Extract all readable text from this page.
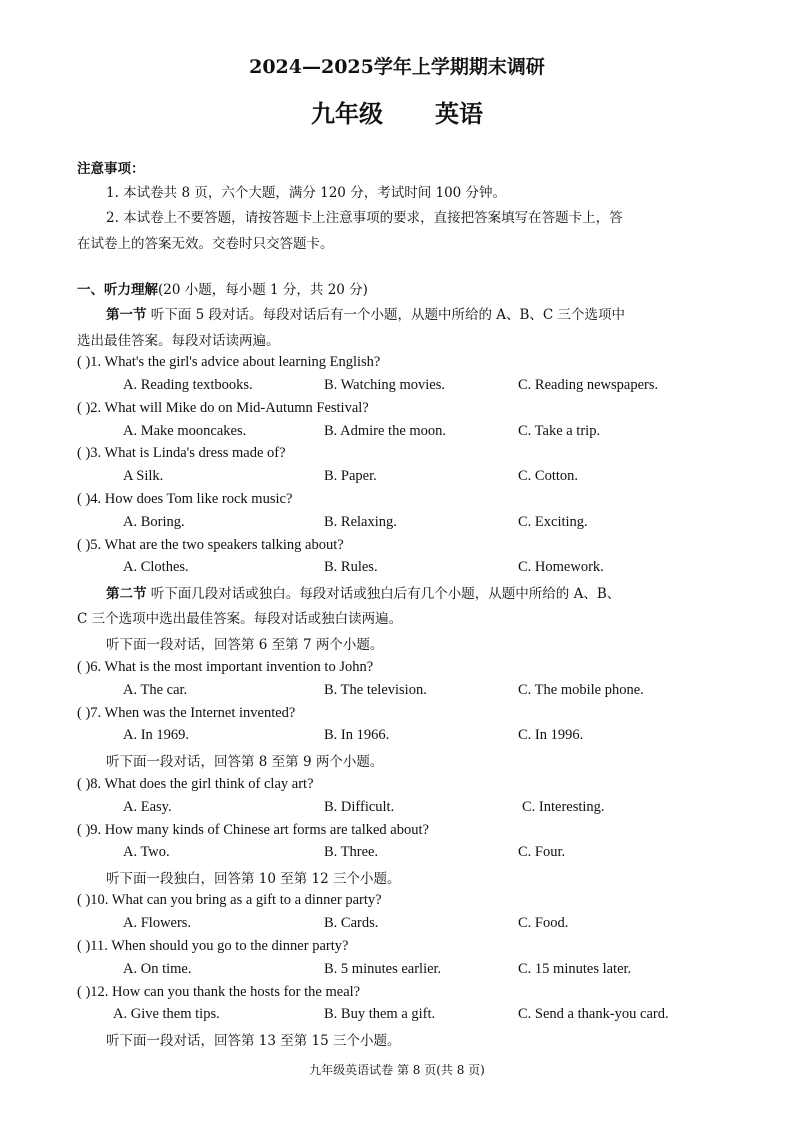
2024—2025学年上学期期末调研
九年级 英语
注意事项：
1. 本试卷共 8 页，六个大题，满分 120 分，考试时间 100 分钟。
2. 本试卷上不要答题，请按答题卡上注意事项的要求，直接把答案填写在答题卡上，答
在试卷上的答案无效。交卷时只交答题卡。
一、听力理解(20 小题，每小题 1 分，共 20 分)
第一节 听下面 5 段对话。每段对话后有一个小题，从题中所给的 A、B、C 三个选项中
选出最佳答案。每段对话读两遍。
( )1. What's the girl's advice about learning English?
A. Reading textbooks.	B. Watching movies.	C. Reading newspapers.
( )2. What will Mike do on Mid-Autumn Festival?
A. Make mooncakes.	B. Admire the moon.	C. Take a trip.
( )3. What is Linda's dress made of?
A Silk.	B. Paper.	C. Cotton.
( )4. How does Tom like rock music?
A. Boring.	B. Relaxing.	C. Exciting.
( )5. What are the two speakers talking about?
A. Clothes.	B. Rules.	C. Homework.
第二节 听下面几段对话或独白。每段对话或独白后有几个小题，从题中所给的 A、B、
C 三个选项中选出最佳答案。每段对话或独白读两遍。
听下面一段对话，回答第 6 至第 7 两个小题。
( )6. What is the most important invention to John?
A. The car.	B. The television.	C. The mobile phone.
( )7. When was the Internet invented?
A. In 1969.	B. In 1966.	C. In 1996.
听下面一段对话，回答第 8 至第 9 两个小题。
( )8. What does the girl think of clay art?
A. Easy.	B. Difficult.	C. Interesting.
( )9. How many kinds of Chinese art forms are talked about?
A. Two.	B. Three.	C. Four.
听下面一段独白，回答第 10 至第 12 三个小题。
( )10. What can you bring as a gift to a dinner party?
A. Flowers.	B. Cards.	C. Food.
( )11. When should you go to the dinner party?
A. On time.	B. 5 minutes earlier.	C. 15 minutes later.
( )12. How can you thank the hosts for the meal?
A. Give them tips.	B. Buy them a gift.	C. Send a thank-you card.
听下面一段对话，回答第 13 至第 15 三个小题。
九年级英语试卷 第 8 页(共 8 页)
